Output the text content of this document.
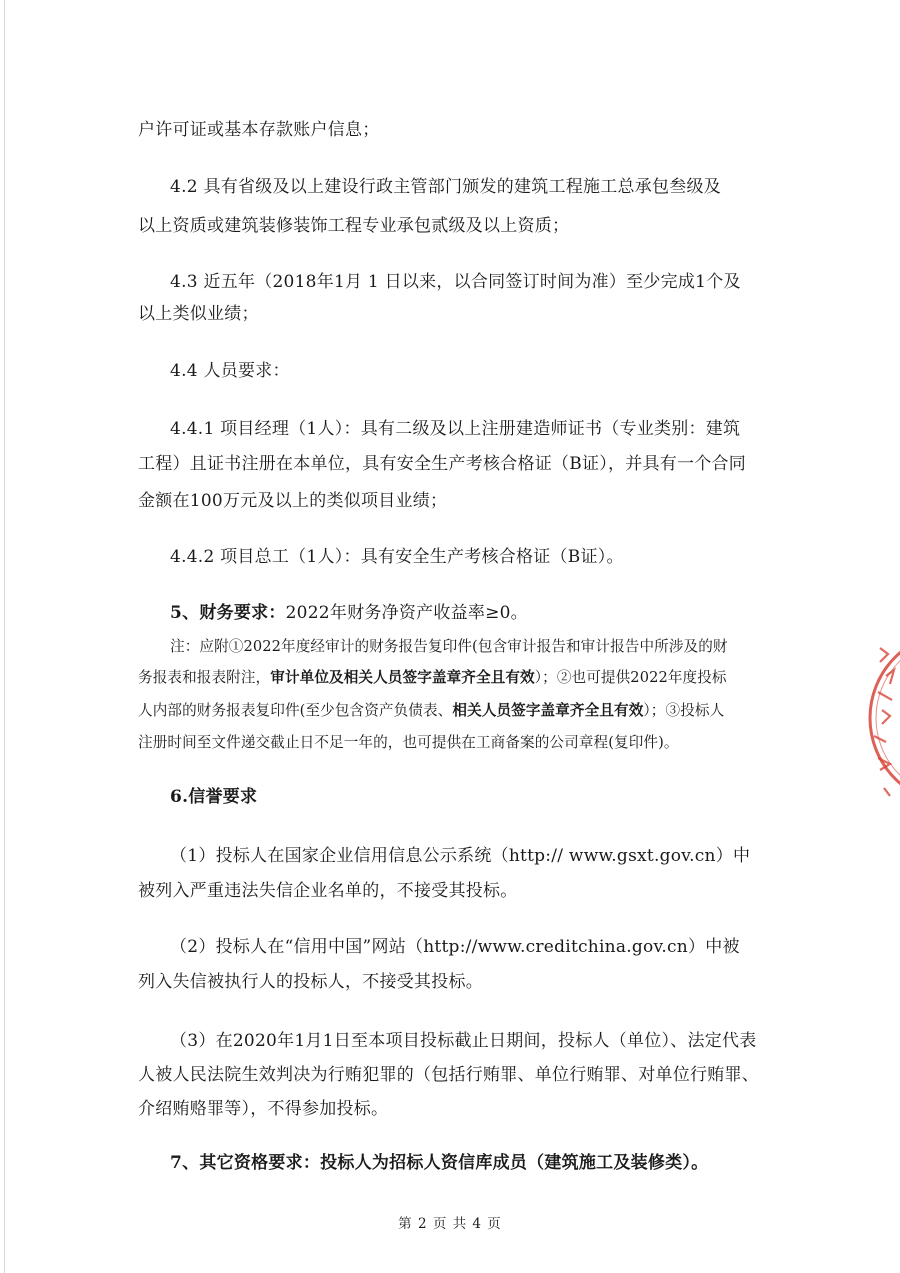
户许可证或基本存款账户信息；
4.2 具有省级及以上建设行政主管部门颁发的建筑工程施工总承包叁级及
以上资质或建筑装修装饰工程专业承包贰级及以上资质；
4.3 近五年（2018年1月 1 日以来，以合同签订时间为准）至少完成1个及
以上类似业绩；
4.4 人员要求：
4.4.1 项目经理（1人）：具有二级及以上注册建造师证书（专业类别：建筑
工程）且证书注册在本单位，具有安全生产考核合格证（B证），并具有一个合同
金额在100万元及以上的类似项目业绩；
4.4.2 项目总工（1人）：具有安全生产考核合格证（B证）。
5、财务要求：2022年财务净资产收益率≥0。
注：应附①2022年度经审计的财务报告复印件(包含审计报告和审计报告中所涉及的财
务报表和报表附注，审计单位及相关人员签字盖章齐全且有效）；②也可提供2022年度投标
人内部的财务报表复印件(至少包含资产负债表、相关人员签字盖章齐全且有效）；③投标人
注册时间至文件递交截止日不足一年的，也可提供在工商备案的公司章程(复印件)。
6.信誉要求
（1）投标人在国家企业信用信息公示系统（http:// www.gsxt.gov.cn）中
被列入严重违法失信企业名单的，不接受其投标。
（2）投标人在“信用中国”网站（http://www.creditchina.gov.cn）中被
列入失信被执行人的投标人，不接受其投标。
（3）在2020年1月1日至本项目投标截止日期间，投标人（单位）、法定代表
人被人民法院生效判决为行贿犯罪的（包括行贿罪、单位行贿罪、对单位行贿罪、
介绍贿赂罪等），不得参加投标。
7、其它资格要求：投标人为招标人资信库成员（建筑施工及装修类）。
第 2 页 共 4 页
